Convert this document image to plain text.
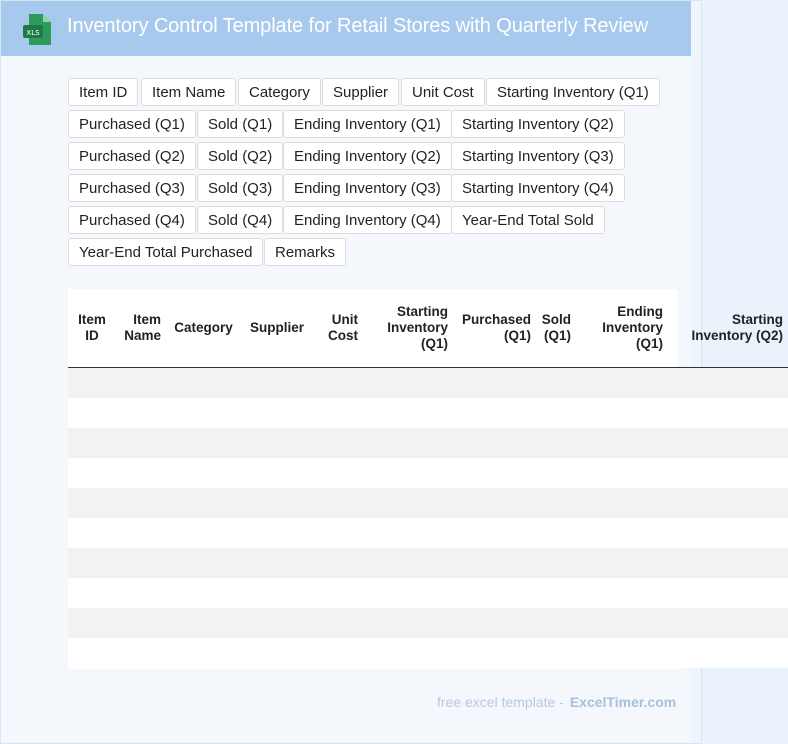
XLS Inventory Control Template for Retail Stores with Quarterly Review
Item ID	Item Name	Category	Supplier	Unit Cost	Starting Inventory (Q1)
Purchased (Q1)	Sold (Q1)	Ending Inventory (Q1)	Starting Inventory (Q2)
Purchased (Q2)	Sold (Q2)	Ending Inventory (Q2)	Starting Inventory (Q3)
Purchased (Q3)	Sold (Q3)	Ending Inventory (Q3)	Starting Inventory (Q4)
Purchased (Q4)	Sold (Q4)	Ending Inventory (Q4)	Year-End Total Sold
Year-End Total Purchased	Remarks
Item ID	Item Name	Category	Supplier	Unit Cost	Starting Inventory (Q1)	Purchased (Q1)	Sold (Q1)	Ending Inventory (Q1)	Starting Inventory (Q2)

free excel template - ExcelTimer.com
